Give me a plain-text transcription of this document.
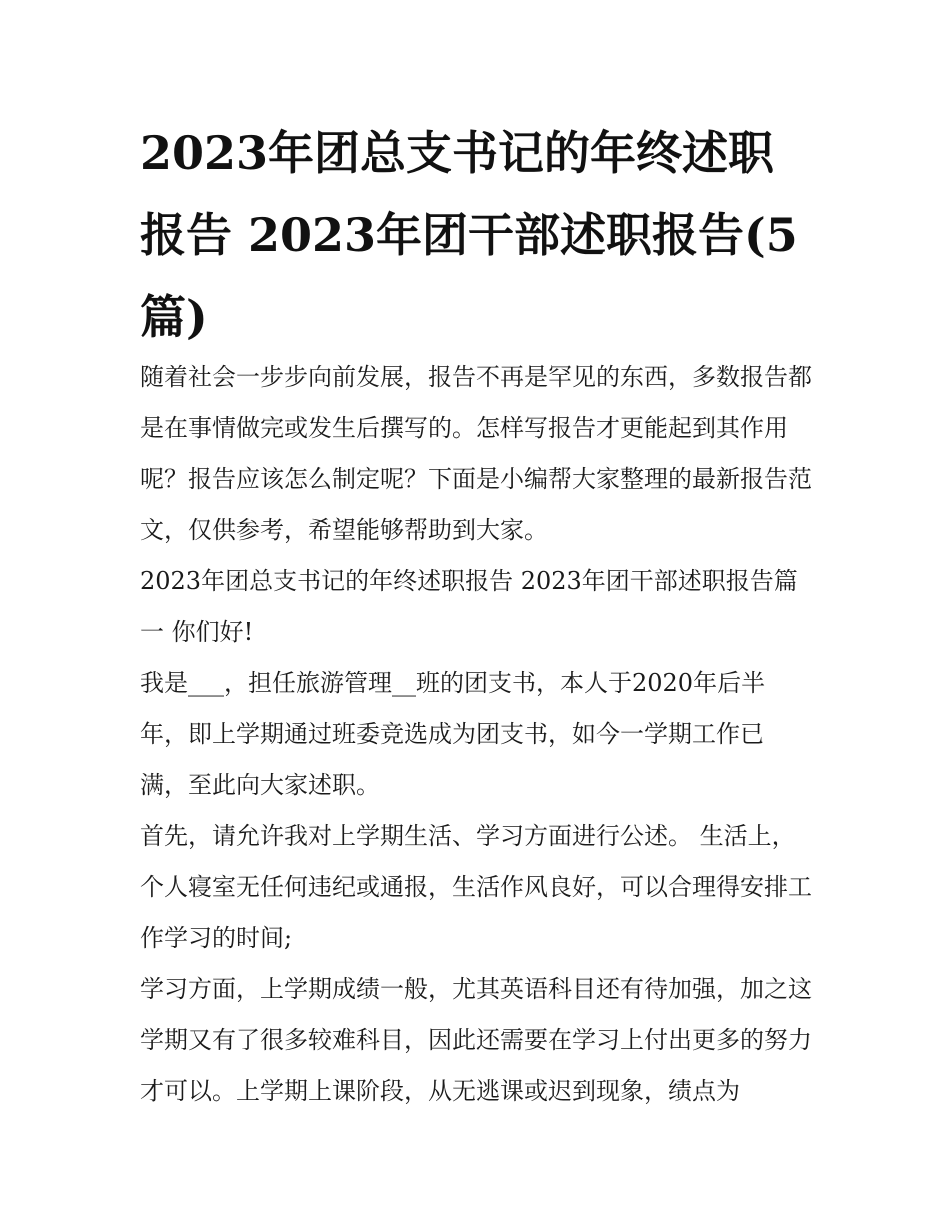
2023年团总支书记的年终述职报告 2023年团干部述职报告(5篇)

随着社会一步步向前发展，报告不再是罕见的东西，多数报告都是在事情做完或发生后撰写的。怎样写报告才更能起到其作用呢？报告应该怎么制定呢？下面是小编帮大家整理的最新报告范文，仅供参考，希望能够帮助到大家。

2023年团总支书记的年终述职报告 2023年团干部述职报告篇一 你们好!

我是___，担任旅游管理__班的团支书，本人于2020年后半年，即上学期通过班委竞选成为团支书，如今一学期工作已满，至此向大家述职。

首先，请允许我对上学期生活、学习方面进行公述。 生活上，个人寝室无任何违纪或通报，生活作风良好，可以合理得安排工作学习的时间;

学习方面，上学期成绩一般，尤其英语科目还有待加强，加之这学期又有了很多较难科目，因此还需要在学习上付出更多的努力才可以。上学期上课阶段，从无逃课或迟到现象，绩点为
